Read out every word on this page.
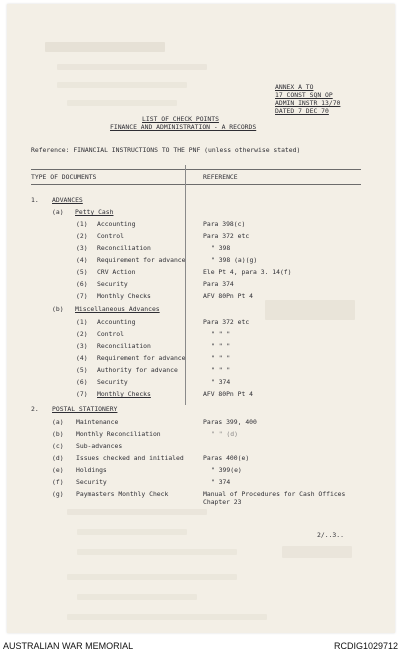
ANNEX A TO
17 CONST SQN OP
ADMIN INSTR 13/70
DATED 7 DEC 70
LIST OF CHECK POINTS
FINANCE AND ADMINISTRATION - A RECORDS
Reference: FINANCIAL INSTRUCTIONS TO THE PNF (unless otherwise stated)
TYPE OF DOCUMENTS	REFERENCE
1. ADVANCES
(a) Petty Cash
(1) Accounting	Para 398(c)
(2) Control	Para 372 etc
(3) Reconciliation	" 398
(4) Requirement for advance	" 398 (a)(g)
(5) CRV Action	Ele Pt 4, para 3. 14(f)
(6) Security	Para 374
(7) Monthly Checks	AFV 80Pn Pt 4
(b) Miscellaneous Advances
(1) Accounting	Para 372 etc
(2) Control	" " "
(3) Reconciliation	" " "
(4) Requirement for advance	" " "
(5) Authority for advance	" " "
(6) Security	" 374
(7) Monthly Checks	AFV 80Pn Pt 4
2. POSTAL STATIONERY
(a) Maintenance	Paras 399, 400
(b) Monthly Reconciliation	" " (d)
(c) Sub-advances
(d) Issues checked and initialed	Paras 400(e)
(e) Holdings	" 399(e)
(f) Security	" 374
(g) Paymasters Monthly Check	Manual of Procedures for Cash Offices
Chapter 23
2/..3..
AUSTRALIAN WAR MEMORIAL	RCDIG1029712
